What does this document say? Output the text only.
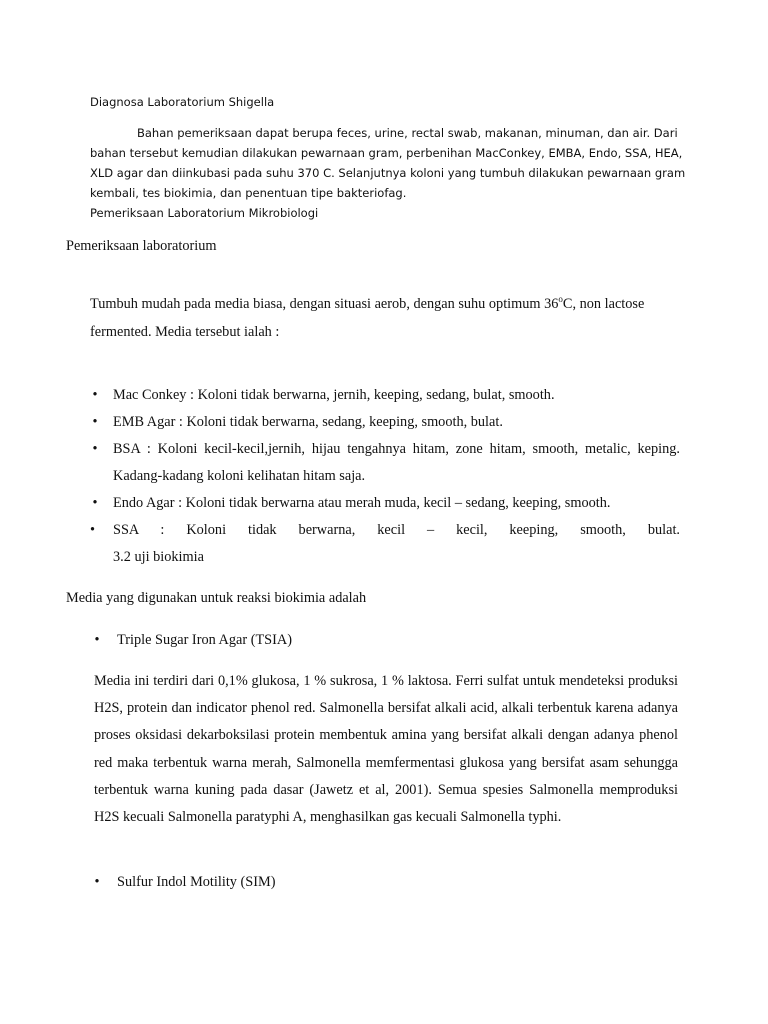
Diagnosa Laboratorium Shigella
Bahan pemeriksaan dapat berupa feces, urine, rectal swab, makanan, minuman, dan air. Dari
bahan tersebut kemudian dilakukan pewarnaan gram, perbenihan MacConkey, EMBA, Endo, SSA, HEA,
XLD agar dan diinkubasi pada suhu 370 C. Selanjutnya koloni yang tumbuh dilakukan pewarnaan gram
kembali, tes biokimia, dan penentuan tipe bakteriofag.
Pemeriksaan Laboratorium Mikrobiologi
Pemeriksaan laboratorium
Tumbuh mudah pada media biasa, dengan situasi aerob, dengan suhu optimum 36$^o$C, non lactose fermented. Media tersebut ialah :
• Mac Conkey : Koloni tidak berwarna, jernih, keeping, sedang, bulat, smooth.
• EMB Agar : Koloni tidak berwarna, sedang, keeping, smooth, bulat.
• BSA : Koloni kecil-kecil,jernih, hijau tengahnya hitam, zone hitam, smooth, metalic, keping. Kadang-kadang koloni kelihatan hitam saja.
• Endo Agar : Koloni tidak berwarna atau merah muda, kecil – sedang, keeping, smooth.
•	SSA : Koloni tidak berwarna, kecil – kecil, keeping, smooth, bulat.
3.2 uji biokimia
Media yang digunakan untuk reaksi biokimia adalah
• Triple Sugar Iron Agar (TSIA)
Media ini terdiri dari 0,1% glukosa, 1 % sukrosa, 1 % laktosa. Ferri sulfat untuk mendeteksi produksi H2S, protein dan indicator phenol red. Salmonella bersifat alkali acid, alkali terbentuk karena adanya proses oksidasi dekarboksilasi protein membentuk amina yang bersifat alkali dengan adanya phenol red maka terbentuk warna merah, Salmonella memfermentasi glukosa yang bersifat asam sehungga terbentuk warna kuning pada dasar (Jawetz et al, 2001). Semua spesies Salmonella memproduksi H2S kecuali Salmonella paratyphi A, menghasilkan gas kecuali Salmonella typhi.
• Sulfur Indol Motility (SIM)
